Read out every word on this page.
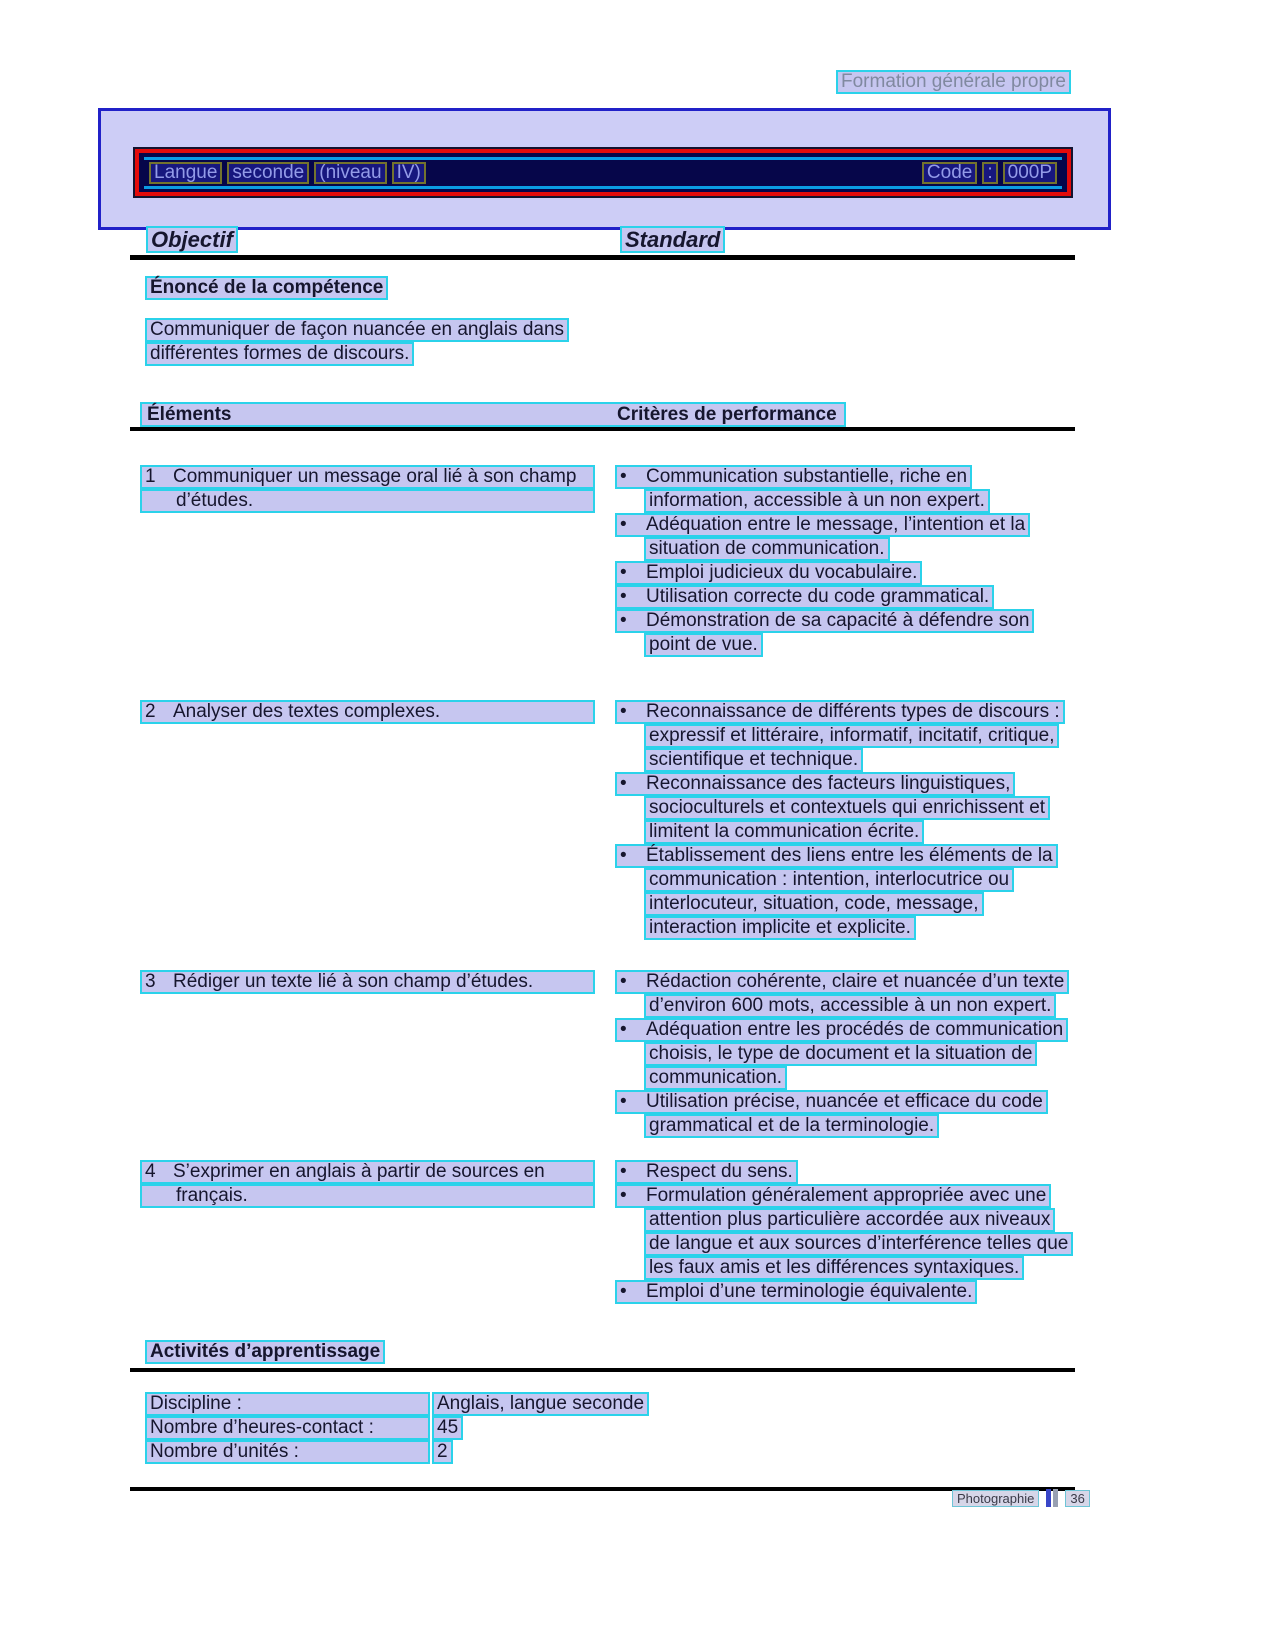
Formation générale propre
Langue seconde (niveau IV)	Code : 000P
Objectif	Standard
Énoncé de la compétence
Communiquer de façon nuancée en anglais dans
différentes formes de discours.
Éléments	Critères de performance
1 Communiquer un message oral lié à son champ
d’études.
• Communication substantielle, riche en
information, accessible à un non expert.
• Adéquation entre le message, l’intention et la
situation de communication.
• Emploi judicieux du vocabulaire.
• Utilisation correcte du code grammatical.
• Démonstration de sa capacité à défendre son
point de vue.
2 Analyser des textes complexes.	• Reconnaissance de différents types de discours :
expressif et littéraire, informatif, incitatif, critique,
scientifique et technique.
• Reconnaissance des facteurs linguistiques,
socioculturels et contextuels qui enrichissent et
limitent la communication écrite.
• Établissement des liens entre les éléments de la
communication : intention, interlocutrice ou
interlocuteur, situation, code, message,
interaction implicite et explicite.
3 Rédiger un texte lié à son champ d’études.	• Rédaction cohérente, claire et nuancée d’un texte
d’environ 600 mots, accessible à un non expert.
• Adéquation entre les procédés de communication
choisis, le type de document et la situation de
communication.
• Utilisation précise, nuancée et efficace du code
grammatical et de la terminologie.
4 S’exprimer en anglais à partir de sources en
français.
• Respect du sens.
• Formulation généralement appropriée avec une
attention plus particulière accordée aux niveaux
de langue et aux sources d’interférence telles que
les faux amis et les différences syntaxiques.
• Emploi d’une terminologie équivalente.
Activités d’apprentissage
Discipline :	Anglais, langue seconde
Nombre d’heures-contact :	45
Nombre d’unités :	2
Photographie	36
